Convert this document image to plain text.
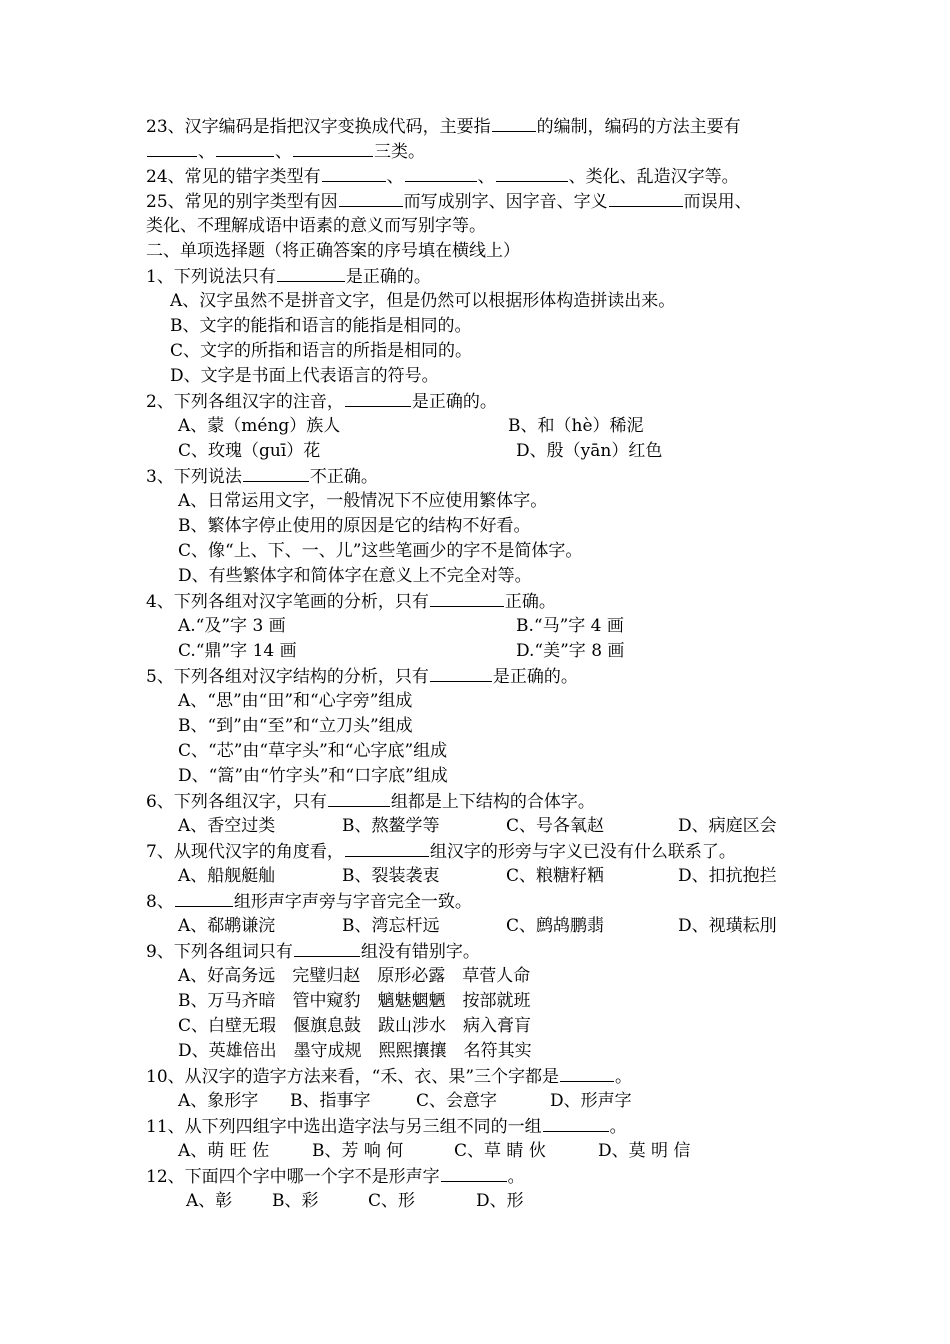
23、汉字编码是指把汉字变换成代码，主要指	的编制，编码的方法主要有
、	、	三类。
24、常见的错字类型有	、	、	、类化、乱造汉字等。
25、常见的别字类型有因	而写成别字、因字音、字义	而误用、
类化、不理解成语中语素的意义而写别字等。
二、单项选择题（将正确答案的序号填在横线上）
1、下列说法只有	是正确的。
A、汉字虽然不是拼音文字，但是仍然可以根据形体构造拼读出来。
B、文字的能指和语言的能指是相同的。
C、文字的所指和语言的所指是相同的。
D、文字是书面上代表语言的符号。
2、下列各组汉字的注音，	是正确的。
A、蒙（méng）族人	B、和（hè）稀泥
C、玫瑰（guī）花	D、殷（yān）红色
3、下列说法	不正确。
A、日常运用文字，一般情况下不应使用繁体字。
B、繁体字停止使用的原因是它的结构不好看。
C、像“上、下、一、儿”这些笔画少的字不是简体字。
D、有些繁体字和简体字在意义上不完全对等。
4、下列各组对汉字笔画的分析，只有	正确。
A.“及”字 3 画	B.“马”字 4 画
C.“鼎”字 14 画	D.“美”字 8 画
5、下列各组对汉字结构的分析，只有	是正确的。
A、“思”由“田”和“心字旁”组成
B、“到”由“至”和“立刀头”组成
C、“芯”由“草字头”和“心字底”组成
D、“篙”由“竹字头”和“口字底”组成
6、下列各组汉字，只有	组都是上下结构的合体字。
A、香空过类	B、熬鳌学等	C、号各氧赵	D、病庭区会
7、从现代汉字的角度看，	组汉字的形旁与字义已没有什么联系了。
A、船舰艇舢	B、裂装袭衷	C、粮糖籽粞	D、扣抗抱拦
8、	组形声字声旁与字音完全一致。
A、郗鹕谦浣	B、湾忘杆远	C、鹧鸪鹏翡	D、视璜耘刖
9、下列各组词只有	组没有错别字。
A、好高务远　完璧归赵　原形必露　草菅人命
B、万马齐暗　管中窥豹　魑魅魍魉　按部就班
C、白壁无瑕　偃旗息鼓　跋山涉水　病入膏肓
D、英雄倍出　墨守成规　熙熙攘攘　名符其实
10、从汉字的造字方法来看，“禾、衣、果”三个字都是	。
A、象形字 B、指事字	C、会意字	D、形声字
11、从下列四组字中选出造字法与另三组不同的一组	。
A、萌 旺 佐	B、芳 响 何	C、草 睛 伙	D、莫 明 信
12、下面四个字中哪一个字不是形声字	。
A、彰 B、彩	C、形	D、形
